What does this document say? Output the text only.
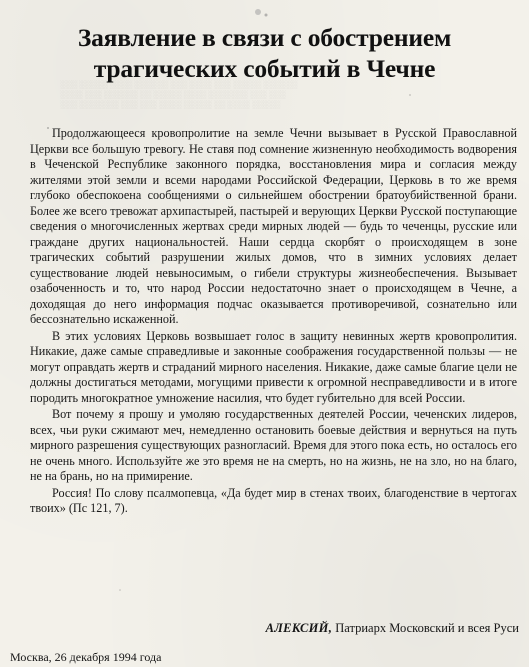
Заявление в связи с обострением
трагических событий в Чечне
░░░ ░░░░░ ░░░░ ░░░░░░ ░░░ ░░░░ ░░░ ░░░░░ ░░░░░░
░░░░ ░░░ ░░░░░░ ░░ ░░░░░ ░░░░ ░░░░░░░ ░░░ ░░░
░░░ ░░░░░░░ ░░░ ░░░ ░░░░ ░░░░░ ░░ ░░░░ ░░░░░

Продолжающееся кровопролитие на земле Чечни вызывает в Русской Православной Церкви все большую тревогу. Не ставя под сомнение жизненную необходимость водворения в Чеченской Республике законного порядка, восстановления мира и согласия между жителями этой земли и всеми народами Российской Федерации, Церковь в то же время глубоко обеспокоена сообщениями о сильнейшем обострении братоубийственной брани. Более же всего тревожат архипастырей, пастырей и верующих Церкви Русской поступающие сведения о многочисленных жертвах среди мирных людей — будь то чеченцы, русские или граждане других национальностей. Наши сердца скорбят о происходящем в зоне трагических событий разрушении жилых домов, что в зимних условиях делает существование людей невыносимым, о гибели структуры жизнеобеспечения. Вызывает озабоченность и то, что народ России недостаточно знает о происходящем в Чечне, а доходящая до него информация подчас оказывается противоречивой, сознательно или бессознательно искаженной.

В этих условиях Церковь возвышает голос в защиту невинных жертв кровопролития. Никакие, даже самые справедливые и законные соображения государственной пользы — не могут оправдать жертв и страданий мирного населения. Никакие, даже самые благие цели не должны достигаться методами, могущими привести к огромной несправедливости и в итоге породить многократное умножение насилия, что будет губительно для всей России.

Вот почему я прошу и умоляю государственных деятелей России, чеченских лидеров, всех, чьи руки сжимают меч, немедленно остановить боевые действия и вернуться на путь мирного разрешения существующих разногласий. Время для этого пока есть, но осталось его не очень много. Используйте же это время не на смерть, но на жизнь, не на зло, но на благо, не на брань, но на примирение.

Россия! По слову псалмопевца, «Да будет мир в стенах твоих, благоденствие в чертогах твоих» (Пс 121, 7).

АЛЕКСИЙ, Патриарх Московский и всея Руси
Москва, 26 декабря 1994 года
